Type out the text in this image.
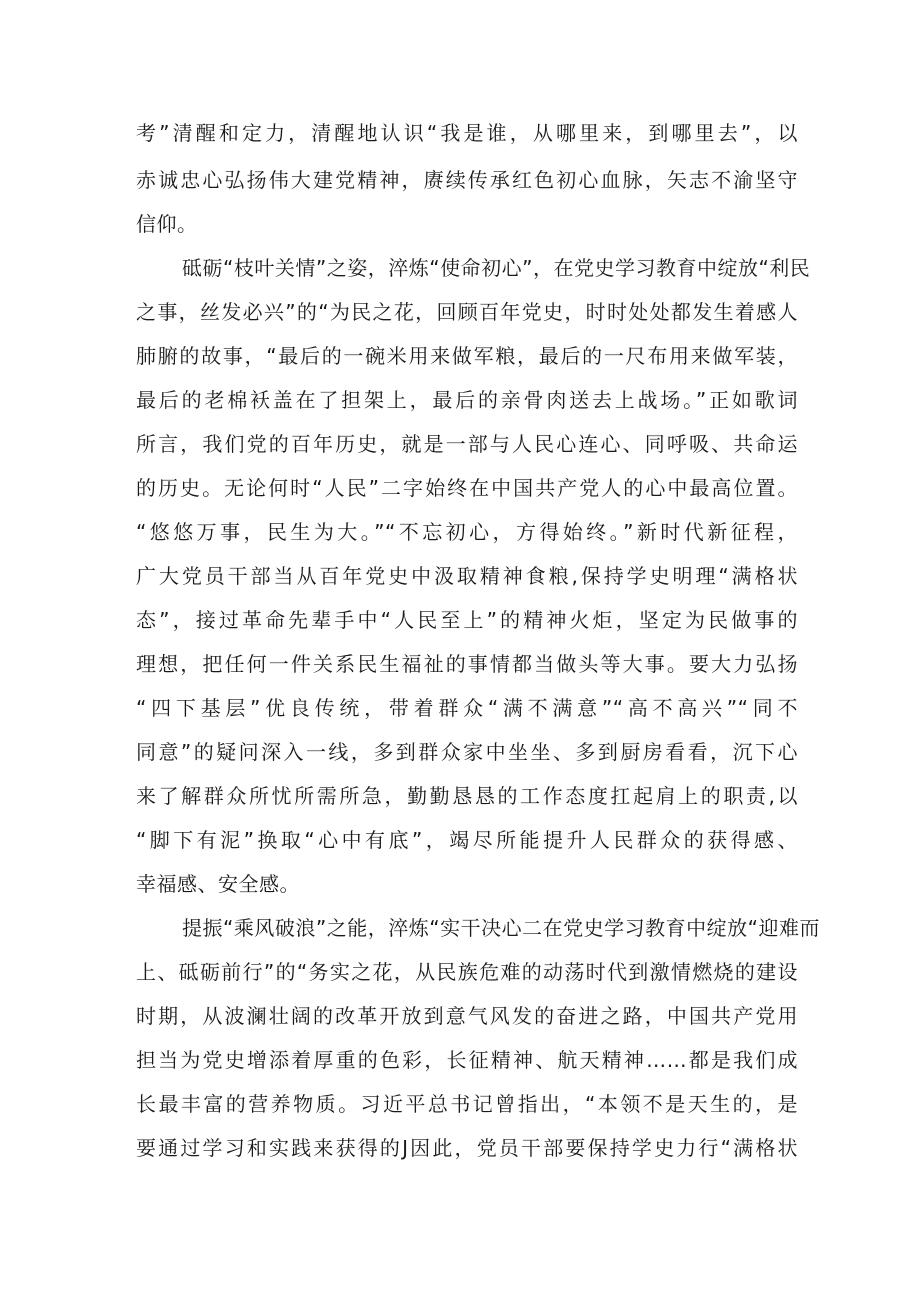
考”清醒和定力，清醒地认识“我是谁，从哪里来，到哪里去”，以

赤诚忠心弘扬伟大建党精神，赓续传承红色初心血脉，矢志不渝坚守

信仰。

砥砺“枝叶关情”之姿，淬炼“使命初心”，在党史学习教育中绽放“利民

之事，丝发必兴”的“为民之花，回顾百年党史，时时处处都发生着感人

肺腑的故事，“最后的一碗米用来做军粮，最后的一尺布用来做军装，

最后的老棉袄盖在了担架上，最后的亲骨肉送去上战场。”正如歌词

所言，我们党的百年历史，就是一部与人民心连心、同呼吸、共命运

的历史。无论何时“人民”二字始终在中国共产党人的心中最高位置。

“悠悠万事，民生为大。”“不忘初心，方得始终。”新时代新征程，

广大党员干部当从百年党史中汲取精神食粮,保持学史明理“满格状

态”，接过革命先辈手中“人民至上”的精神火炬，坚定为民做事的

理想，把任何一件关系民生福祉的事情都当做头等大事。要大力弘扬

“四下基层”优良传统，带着群众“满不满意”“高不高兴”“同不

同意”的疑问深入一线，多到群众家中坐坐、多到厨房看看，沉下心

来了解群众所忧所需所急，勤勤恳恳的工作态度扛起肩上的职责,以

“脚下有泥”换取“心中有底”，竭尽所能提升人民群众的获得感、

幸福感、安全感。

提振“乘风破浪”之能，淬炼“实干决心二在党史学习教育中绽放“迎难而

上、砥砺前行”的“务实之花，从民族危难的动荡时代到激情燃烧的建设

时期，从波澜壮阔的改革开放到意气风发的奋进之路，中国共产党用

担当为党史增添着厚重的色彩，长征精神、航天精神……都是我们成

长最丰富的营养物质。习近平总书记曾指出，“本领不是天生的，是

要通过学习和实践来获得的J因此，党员干部要保持学史力行“满格状
